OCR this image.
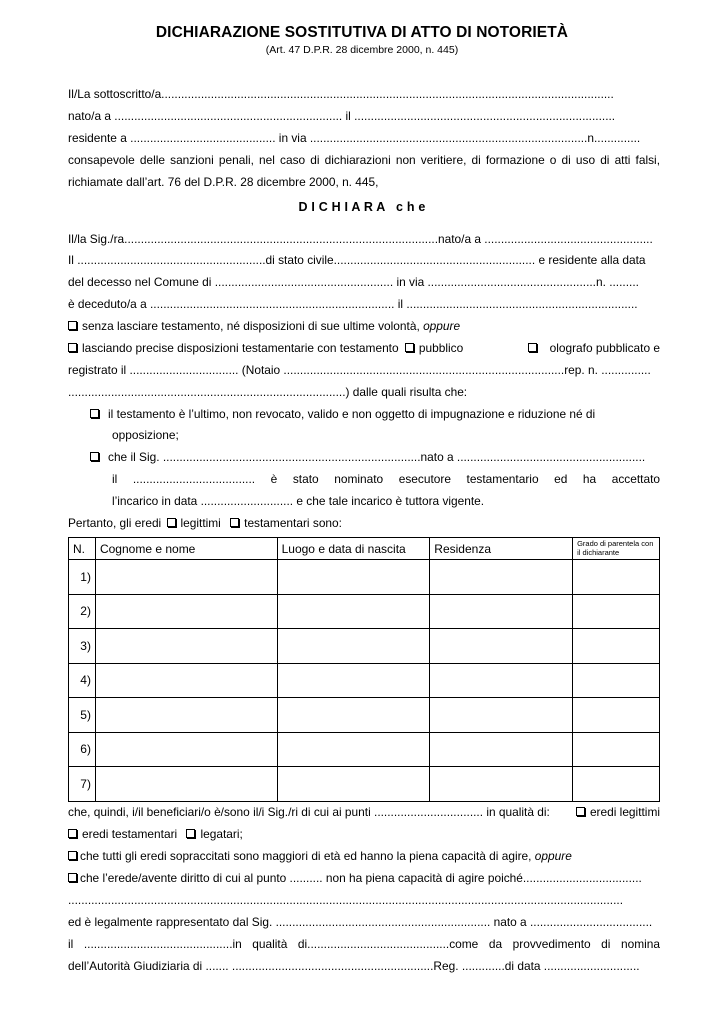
DICHIARAZIONE SOSTITUTIVA DI ATTO DI NOTORIETÀ
(Art. 47 D.P.R. 28 dicembre 2000, n. 445)
Il/La sottoscritto/a.........................................................................................................................................
nato/a a ..................................................................... il ...............................................................................
residente a ............................................ in via ....................................................................................n..............
consapevole delle sanzioni penali, nel caso di dichiarazioni non veritiere, di formazione o di uso di atti falsi,
richiamate dall’art. 76 del D.P.R. 28 dicembre 2000, n. 445,
D I C H I A R A   c h e
Il/la Sig./ra...............................................................................................nato/a a ...................................................
Il .........................................................di stato civile............................................................. e residente alla data
del decesso nel Comune di ...................................................... in via ...................................................n. .........
è deceduto/a a .......................................................................... il ......................................................................
senza lasciare testamento, né disposizioni di sue ultime volontà, oppure
lasciando precise disposizioni testamentarie con testamento pubblico	olografo pubblicato e
registrato il ................................. (Notaio .....................................................................................rep. n. ...............
....................................................................................) dalle quali risulta che:
il testamento è l’ultimo, non revocato, valido e non oggetto di impugnazione e riduzione né di
opposizione;
che il Sig. ..............................................................................nato a .........................................................
il ..................................... è stato nominato esecutore testamentario ed ha accettato
l’incarico in data ............................ e che tale incarico è tuttora vigente.
Pertanto, gli eredi legittimi testamentari sono:
N.	Cognome e nome	Luogo e data di nascita	Residenza	Grado di parentela con il dichiarante
1)				
2)				
3)				
4)				
5)				
6)				
7)				
che, quindi, i/il beneficiari/o è/sono il/i Sig./ri di cui ai punti ................................. in qualità di:	eredi legittimi
eredi testamentari legatari;
che tutti gli eredi sopraccitati sono maggiori di età ed hanno la piena capacità di agire, oppure
che l’erede/avente diritto di cui al punto .......... non ha piena capacità di agire poiché....................................
........................................................................................................................................................................
ed è legalmente rappresentato dal Sig. ................................................................. nato a .....................................
il .............................................in qualità di...........................................come da provvedimento di nomina
dell’Autorità Giudiziaria di ....... .............................................................Reg. .............di data .............................
